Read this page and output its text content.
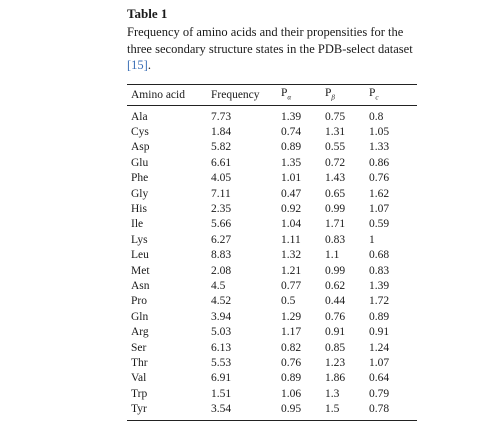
Table 1

Frequency of amino acids and their propensities for the three secondary structure states in the PDB-select dataset [15].

Amino acid	Frequency	$P_\alpha$	$P_\beta$	$P_c$
Ala	7.73	1.39	0.75	0.8
Cys	1.84	0.74	1.31	1.05
Asp	5.82	0.89	0.55	1.33
Glu	6.61	1.35	0.72	0.86
Phe	4.05	1.01	1.43	0.76
Gly	7.11	0.47	0.65	1.62
His	2.35	0.92	0.99	1.07
Ile	5.66	1.04	1.71	0.59
Lys	6.27	1.11	0.83	1
Leu	8.83	1.32	1.1	0.68
Met	2.08	1.21	0.99	0.83
Asn	4.5	0.77	0.62	1.39
Pro	4.52	0.5	0.44	1.72
Gln	3.94	1.29	0.76	0.89
Arg	5.03	1.17	0.91	0.91
Ser	6.13	0.82	0.85	1.24
Thr	5.53	0.76	1.23	1.07
Val	6.91	0.89	1.86	0.64
Trp	1.51	1.06	1.3	0.79
Tyr	3.54	0.95	1.5	0.78
